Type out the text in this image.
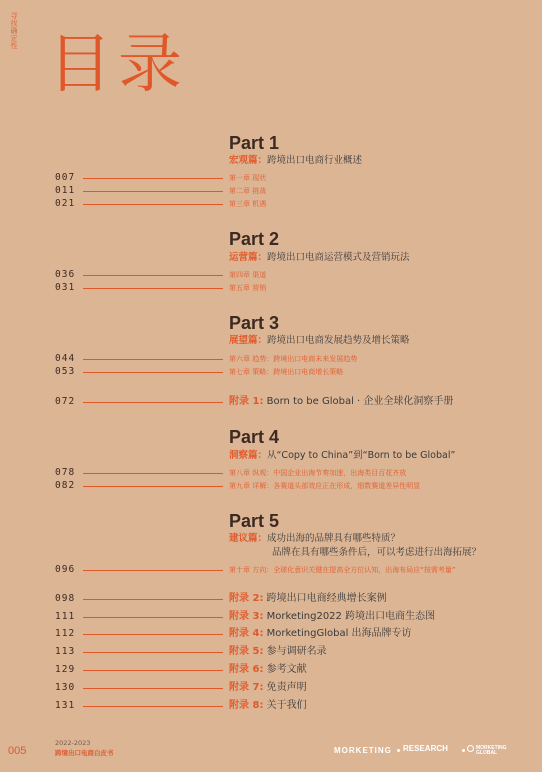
寻找确定性 目录
Part 1
宏观篇：跨境出口电商行业概述
007	第一章 现状
011	第二章 挑战
021	第三章 机遇
Part 2
运营篇：跨境出口电商运营模式及营销玩法
036	第四章 渠道
031	第五章 营销
Part 3
展望篇：跨境出口电商发展趋势及增长策略
044	第六章 趋势：跨境出口电商未来发展趋势
053	第七章 策略：跨境出口电商增长策略
072	附录 1: Born to be Global · 企业全球化洞察手册
Part 4
洞察篇：从“Copy to China”到“Born to be Global”
078	第八章 纵观：中国企业出海节奏加速，出海类目百花齐放
082	第九章 详解：各赛道头部效应正在形成，细数赛道差异性明显
Part 5
建议篇：成功出海的品牌具有哪些特质？
品牌在具有哪些条件后，可以考虑进行出海拓展？
096	第十章 方向：全球化意识关键在提高全方位认知，出海布局应“按需考量”
098	附录 2: 跨境出口电商经典增长案例
111	附录 3: Morketing2022 跨境出口电商生态图
112	附录 4: MorketingGlobal 出海品牌专访
113	附录 5: 参与调研名录
129	附录 6: 参考文献
130	附录 7: 免责声明
131	附录 8: 关于我们
005
2022-2023
跨境出口电商白皮书	MORKETING RESEARCH	MORKETING
GLOBAL
